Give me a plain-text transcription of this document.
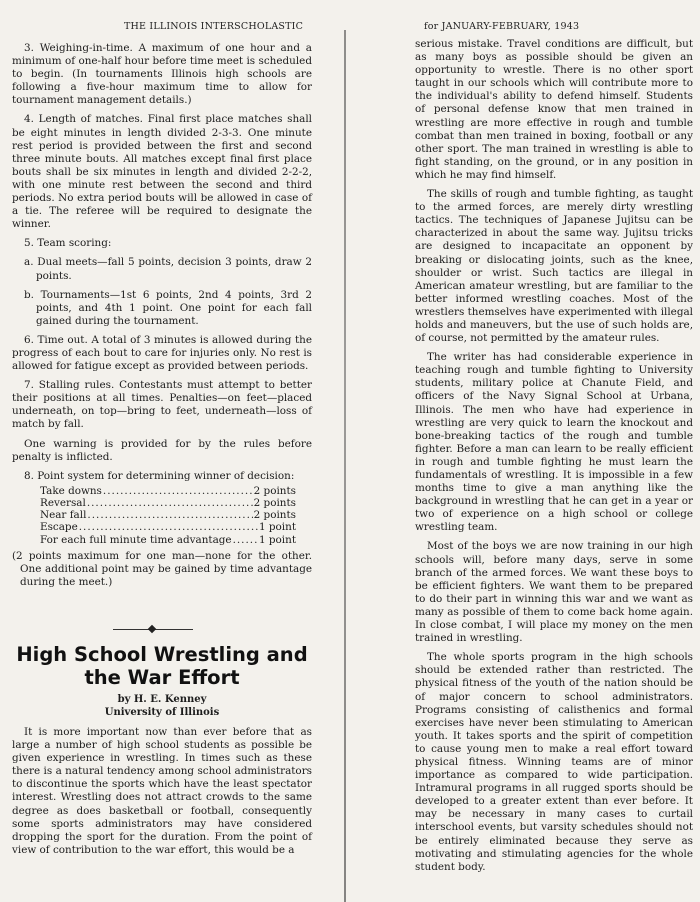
THE ILLINOIS INTERSCHOLASTIC	for JANUARY-FEBRUARY, 1943

3. Weighing-in-time. A maximum of one hour and a minimum of one-half hour before time meet is scheduled to begin. (In tournaments Illinois high schools are following a five-hour maximum time to allow for tournament management details.)

4. Length of matches. Final first place matches shall be eight minutes in length divided 2-3-3. One minute rest period is provided between the first and second three minute bouts. All matches except final first place bouts shall be six minutes in length and divided 2-2-2, with one minute rest between the second and third periods. No extra period bouts will be allowed in case of a tie. The referee will be required to designate the winner.

5. Team scoring:

a. Dual meets—fall 5 points, decision 3 points, draw 2 points.

b. Tournaments—1st 6 points, 2nd 4 points, 3rd 2 points, and 4th 1 point. One point for each fall gained during the tournament.

6. Time out. A total of 3 minutes is allowed during the progress of each bout to care for injuries only. No rest is allowed for fatigue except as provided between periods.

7. Stalling rules. Contestants must attempt to better their positions at all times. Penalties—on feet—placed underneath, on top—bring to feet, underneath—loss of match by fall.

One warning is provided for by the rules before penalty is inflicted.

8. Point system for determining winner of decision:

Take downs .....	2 points
Reversal .....	2 points
Near fall .....	2 points
Escape .....	1 point
For each full minute time advantage .....	1 point

(2 points maximum for one man—none for the other. One additional point may be gained by time advantage during the meet.)

High School Wrestling and the War Effort
by H. E. Kenney
University of Illinois

It is more important now than ever before that as large a number of high school students as possible be given experience in wrestling. In times such as these there is a natural tendency among school administrators to discontinue the sports which have the least spectator interest. Wrestling does not attract crowds to the same degree as does basketball or football, consequently some sports administrators may have considered dropping the sport for the duration. From the point of view of contribution to the war effort, this would be a

serious mistake. Travel conditions are difficult, but as many boys as possible should be given an opportunity to wrestle. There is no other sport taught in our schools which will contribute more to the individual's ability to defend himself. Students of personal defense know that men trained in wrestling are more effective in rough and tumble combat than men trained in boxing, football or any other sport. The man trained in wrestling is able to fight standing, on the ground, or in any position in which he may find himself.

The skills of rough and tumble fighting, as taught to the armed forces, are merely dirty wrestling tactics. The techniques of Japanese Jujitsu can be characterized in about the same way. Jujitsu tricks are designed to incapacitate an opponent by breaking or dislocating joints, such as the knee, shoulder or wrist. Such tactics are illegal in American amateur wrestling, but are familiar to the better informed wrestling coaches. Most of the wrestlers themselves have experimented with illegal holds and maneuvers, but the use of such holds are, of course, not permitted by the amateur rules.

The writer has had considerable experience in teaching rough and tumble fighting to University students, military police at Chanute Field, and officers of the Navy Signal School at Urbana, Illinois. The men who have had experience in wrestling are very quick to learn the knockout and bone-breaking tactics of the rough and tumble fighter. Before a man can learn to be really efficient in rough and tumble fighting he must learn the fundamentals of wrestling. It is impossible in a few months time to give a man anything like the background in wrestling that he can get in a year or two of experience on a high school or college wrestling team.

Most of the boys we are now training in our high schools will, before many days, serve in some branch of the armed forces. We want these boys to be efficient fighters. We want them to be prepared to do their part in winning this war and we want as many as possible of them to come back home again. In close combat, I will place my money on the men trained in wrestling.

The whole sports program in the high schools should be extended rather than restricted. The physical fitness of the youth of the nation should be of major concern to school administrators. Programs consisting of calisthenics and formal exercises have never been stimulating to American youth. It takes sports and the spirit of competition to cause young men to make a real effort toward physical fitness. Winning teams are of minor importance as compared to wide participation. Intramural programs in all rugged sports should be developed to a greater extent than ever before. It may be necessary in many cases to curtail interschool events, but varsity schedules should not be entirely eliminated because they serve as motivating and stimulating agencies for the whole student body.
